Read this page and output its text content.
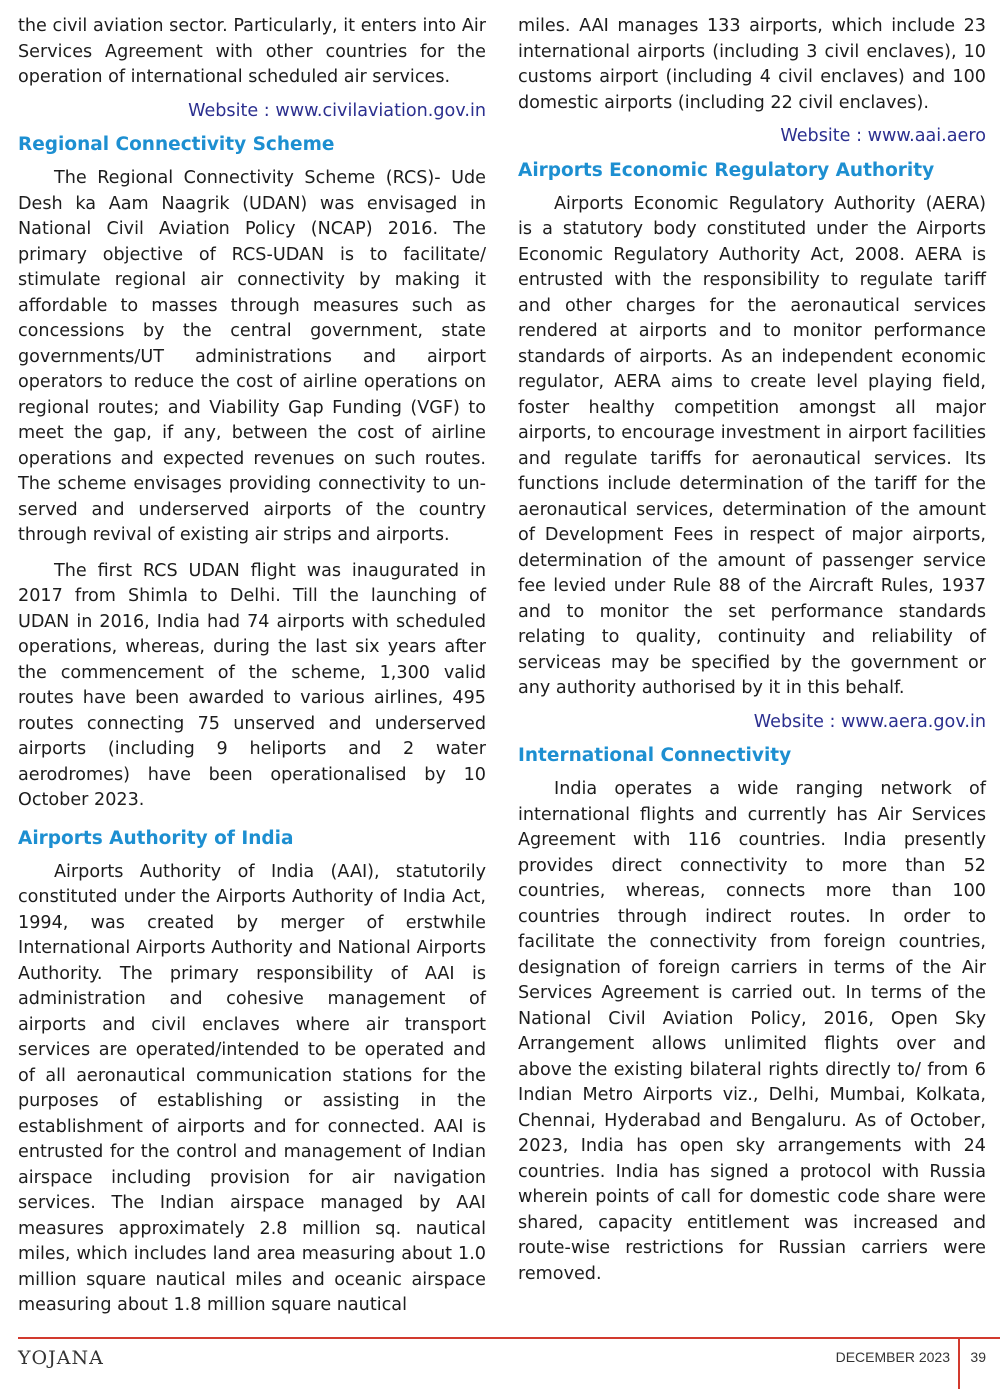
the civil aviation sector. Particularly, it enters into Air Services Agreement with other countries for the operation of international scheduled air services.

Website : www.civilaviation.gov.in
Regional Connectivity Scheme

The Regional Connectivity Scheme (RCS)- Ude Desh ka Aam Naagrik (UDAN) was envisaged in National Civil Aviation Policy (NCAP) 2016. The primary objective of RCS-UDAN is to facilitate/ stimulate regional air connectivity by making it affordable to masses through measures such as concessions by the central government, state governments/UT administrations and airport operators to reduce the cost of airline operations on regional routes; and Viability Gap Funding (VGF) to meet the gap, if any, between the cost of airline operations and expected revenues on such routes. The scheme envisages providing connectivity to un-served and underserved airports of the country through revival of existing air strips and airports.

The first RCS UDAN flight was inaugurated in 2017 from Shimla to Delhi. Till the launching of UDAN in 2016, India had 74 airports with scheduled operations, whereas, during the last six years after the commencement of the scheme, 1,300 valid routes have been awarded to various airlines, 495 routes connecting 75 unserved and underserved airports (including 9 heliports and 2 water aerodromes) have been operationalised by 10 October 2023.

Airports Authority of India

Airports Authority of India (AAI), statutorily constituted under the Airports Authority of India Act, 1994, was created by merger of erstwhile International Airports Authority and National Airports Authority. The primary responsibility of AAI is administration and cohesive management of airports and civil enclaves where air transport services are operated/intended to be operated and of all aeronautical communication stations for the purposes of establishing or assisting in the establishment of airports and for connected. AAI is entrusted for the control and management of Indian airspace including provision for air navigation services. The Indian airspace managed by AAI measures approximately 2.8 million sq. nautical miles, which includes land area measuring about 1.0 million square nautical miles and oceanic airspace measuring about 1.8 million square nautical

miles. AAI manages 133 airports, which include 23 international airports (including 3 civil enclaves), 10 customs airport (including 4 civil enclaves) and 100 domestic airports (including 22 civil enclaves).

Website : www.aai.aero
Airports Economic Regulatory Authority

Airports Economic Regulatory Authority (AERA) is a statutory body constituted under the Airports Economic Regulatory Authority Act, 2008. AERA is entrusted with the responsibility to regulate tariff and other charges for the aeronautical services rendered at airports and to monitor performance standards of airports. As an independent economic regulator, AERA aims to create level playing field, foster healthy competition amongst all major airports, to encourage investment in airport facilities and regulate tariffs for aeronautical services. Its functions include determination of the tariff for the aeronautical services, determination of the amount of Development Fees in respect of major airports, determination of the amount of passenger service fee levied under Rule 88 of the Aircraft Rules, 1937 and to monitor the set performance standards relating to quality, continuity and reliability of serviceas may be specified by the government or any authority authorised by it in this behalf.

Website : www.aera.gov.in
International Connectivity

India operates a wide ranging network of international flights and currently has Air Services Agreement with 116 countries. India presently provides direct connectivity to more than 52 countries, whereas, connects more than 100 countries through indirect routes. In order to facilitate the connectivity from foreign countries, designation of foreign carriers in terms of the Air Services Agreement is carried out. In terms of the National Civil Aviation Policy, 2016, Open Sky Arrangement allows unlimited flights over and above the existing bilateral rights directly to/ from 6 Indian Metro Airports viz., Delhi, Mumbai, Kolkata, Chennai, Hyderabad and Bengaluru. As of October, 2023, India has open sky arrangements with 24 countries. India has signed a protocol with Russia wherein points of call for domestic code share were shared, capacity entitlement was increased and route-wise restrictions for Russian carriers were removed.

YOJANA	DECEMBER 2023 39
